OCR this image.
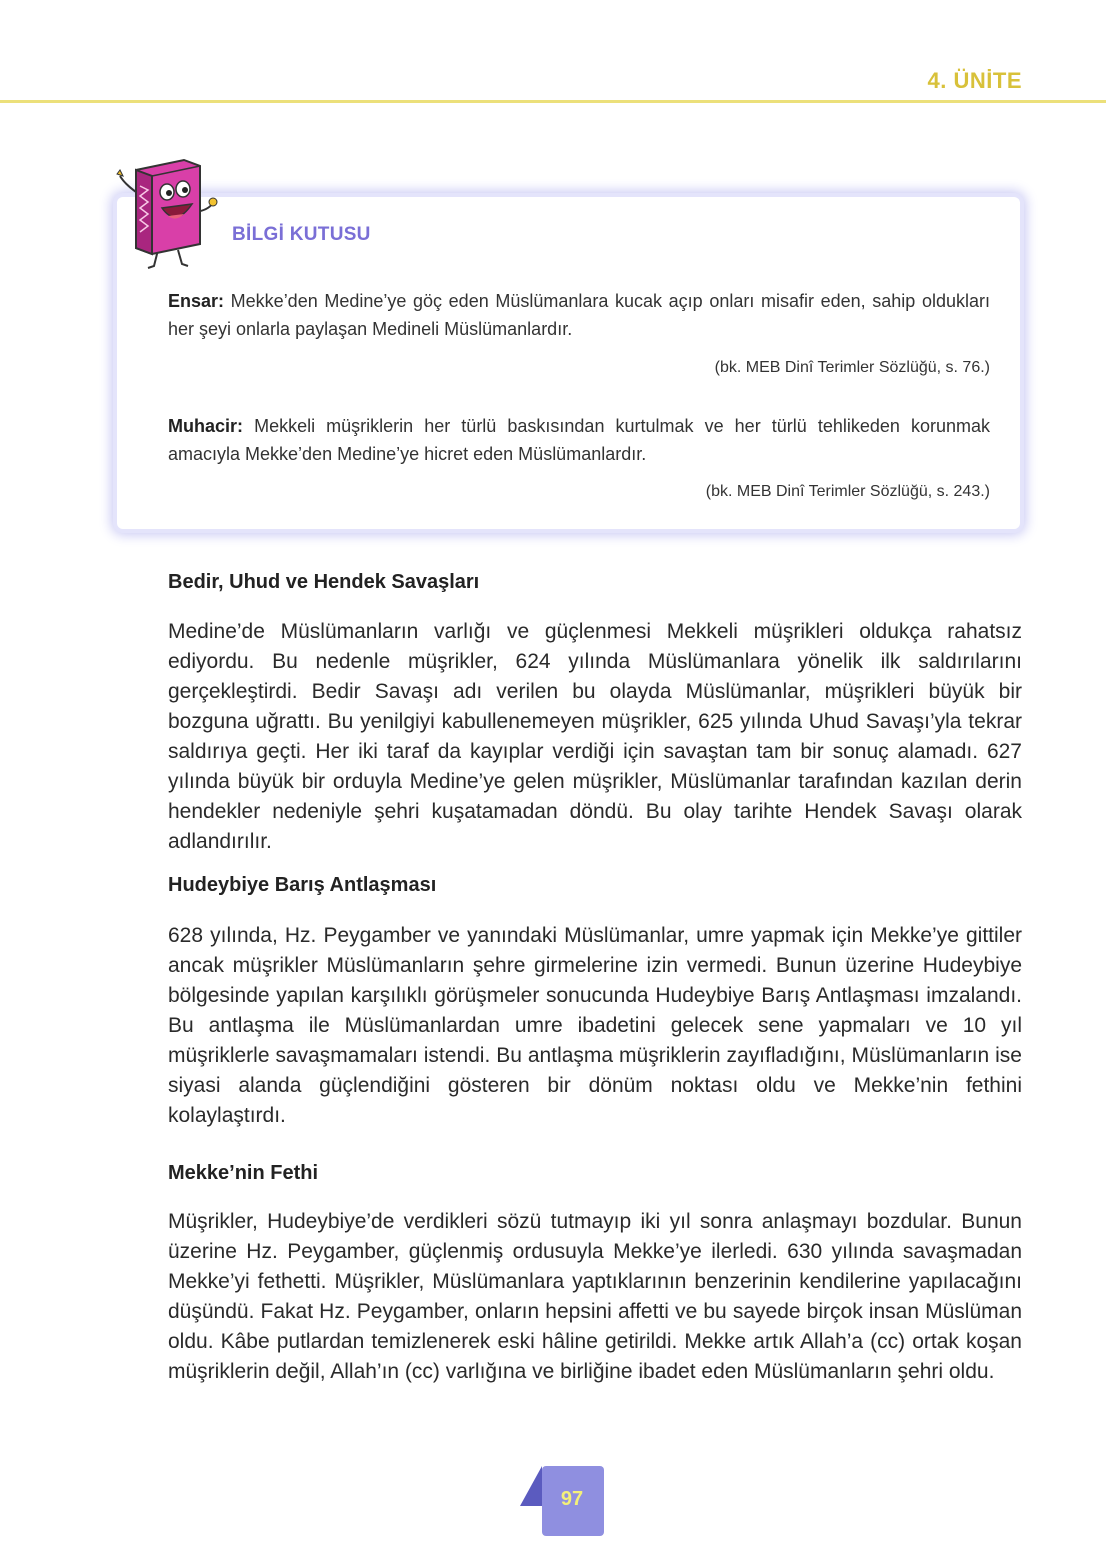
4. ÜNİTE
BİLGİ KUTUSU
Ensar: Mekke’den Medine’ye göç eden Müslümanlara kucak açıp onları misafir eden, sahip oldukları her şeyi onlarla paylaşan Medineli Müslümanlardır.
(bk. MEB Dinî Terimler Sözlüğü, s. 76.)
Muhacir: Mekkeli müşriklerin her türlü baskısından kurtulmak ve her türlü tehlikeden korunmak amacıyla Mekke’den Medine’ye hicret eden Müslümanlardır.
(bk. MEB Dinî Terimler Sözlüğü, s. 243.)
Bedir, Uhud ve Hendek Savaşları
Medine’de Müslümanların varlığı ve güçlenmesi Mekkeli müşrikleri oldukça rahatsız ediyordu. Bu nedenle müşrikler, 624 yılında Müslümanlara yönelik ilk saldırılarını gerçekleştirdi. Bedir Savaşı adı verilen bu olayda Müslümanlar, müşrikleri büyük bir bozguna uğrattı. Bu yenilgiyi kabullenemeyen müşrikler, 625 yılında Uhud Savaşı’yla tekrar saldırıya geçti. Her iki taraf da kayıplar verdiği için savaştan tam bir sonuç alamadı. 627 yılında büyük bir orduyla Medine’ye gelen müşrikler, Müslümanlar tarafından kazılan derin hendekler nedeniyle şehri kuşatamadan döndü. Bu olay tarihte Hendek Savaşı olarak adlandırılır.
Hudeybiye Barış Antlaşması
628 yılında, Hz. Peygamber ve yanındaki Müslümanlar, umre yapmak için Mekke’ye gittiler ancak müşrikler Müslümanların şehre girmelerine izin vermedi. Bunun üzerine Hudeybiye bölgesinde yapılan karşılıklı görüşmeler sonucunda Hudeybiye Barış Antlaşması imzalandı. Bu antlaşma ile Müslümanlardan umre ibadetini gelecek sene yapmaları ve 10 yıl müşriklerle savaşmamaları istendi. Bu antlaşma müşriklerin zayıfladığını, Müslümanların ise siyasi alanda güçlendiğini gösteren bir dönüm noktası oldu ve Mekke’nin fethini kolaylaştırdı.
Mekke’nin Fethi
Müşrikler, Hudeybiye’de verdikleri sözü tutmayıp iki yıl sonra anlaşmayı bozdular. Bunun üzerine Hz. Peygamber, güçlenmiş ordusuyla Mekke’ye ilerledi. 630 yılında savaşmadan Mekke’yi fethetti. Müşrikler, Müslümanlara yaptıklarının benzerinin kendilerine yapılacağını düşündü. Fakat Hz. Peygamber, onların hepsini affetti ve bu sayede birçok insan Müslüman oldu. Kâbe putlardan temizlenerek eski hâline getirildi. Mekke artık Allah’a (cc) ortak koşan müşriklerin değil, Allah’ın (cc) varlığına ve birliğine ibadet eden Müslümanların şehri oldu.
97
